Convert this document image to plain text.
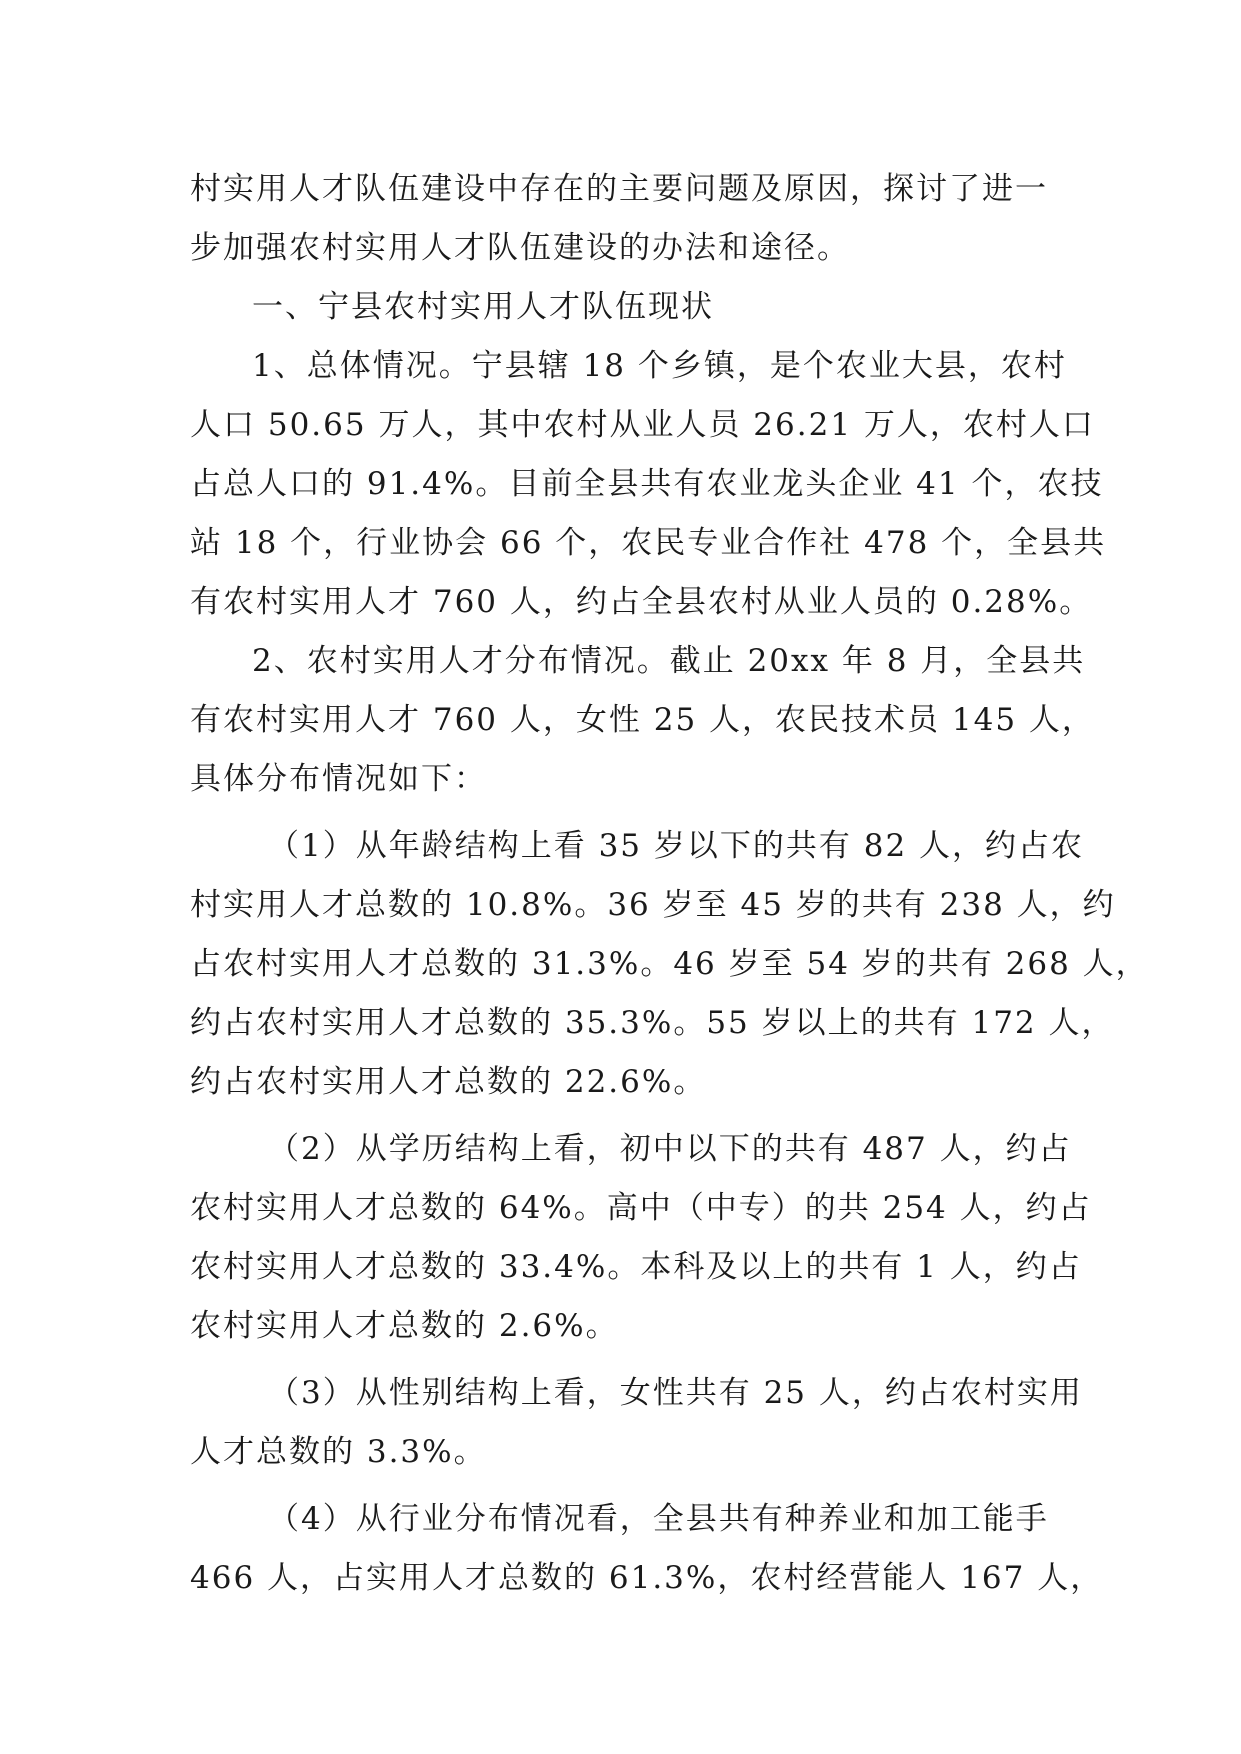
村实用人才队伍建设中存在的主要问题及原因，探讨了进一
步加强农村实用人才队伍建设的办法和途径。
一、宁县农村实用人才队伍现状
1、总体情况。宁县辖 18 个乡镇，是个农业大县，农村
人口 50.65 万人，其中农村从业人员 26.21 万人，农村人口
占总人口的 91.4%。目前全县共有农业龙头企业 41 个，农技
站 18 个，行业协会 66 个，农民专业合作社 478 个，全县共
有农村实用人才 760 人，约占全县农村从业人员的 0.28%。
2、农村实用人才分布情况。截止 20xx 年 8 月，全县共
有农村实用人才 760 人，女性 25 人，农民技术员 145 人，
具体分布情况如下：
（1）从年龄结构上看 35 岁以下的共有 82 人，约占农
村实用人才总数的 10.8%。36 岁至 45 岁的共有 238 人，约
占农村实用人才总数的 31.3%。46 岁至 54 岁的共有 268 人，
约占农村实用人才总数的 35.3%。55 岁以上的共有 172 人，
约占农村实用人才总数的 22.6%。
（2）从学历结构上看，初中以下的共有 487 人，约占
农村实用人才总数的 64%。高中（中专）的共 254 人，约占
农村实用人才总数的 33.4%。本科及以上的共有 1 人，约占
农村实用人才总数的 2.6%。
（3）从性别结构上看，女性共有 25 人，约占农村实用
人才总数的 3.3%。
（4）从行业分布情况看，全县共有种养业和加工能手
466 人，占实用人才总数的 61.3%，农村经营能人 167 人，
